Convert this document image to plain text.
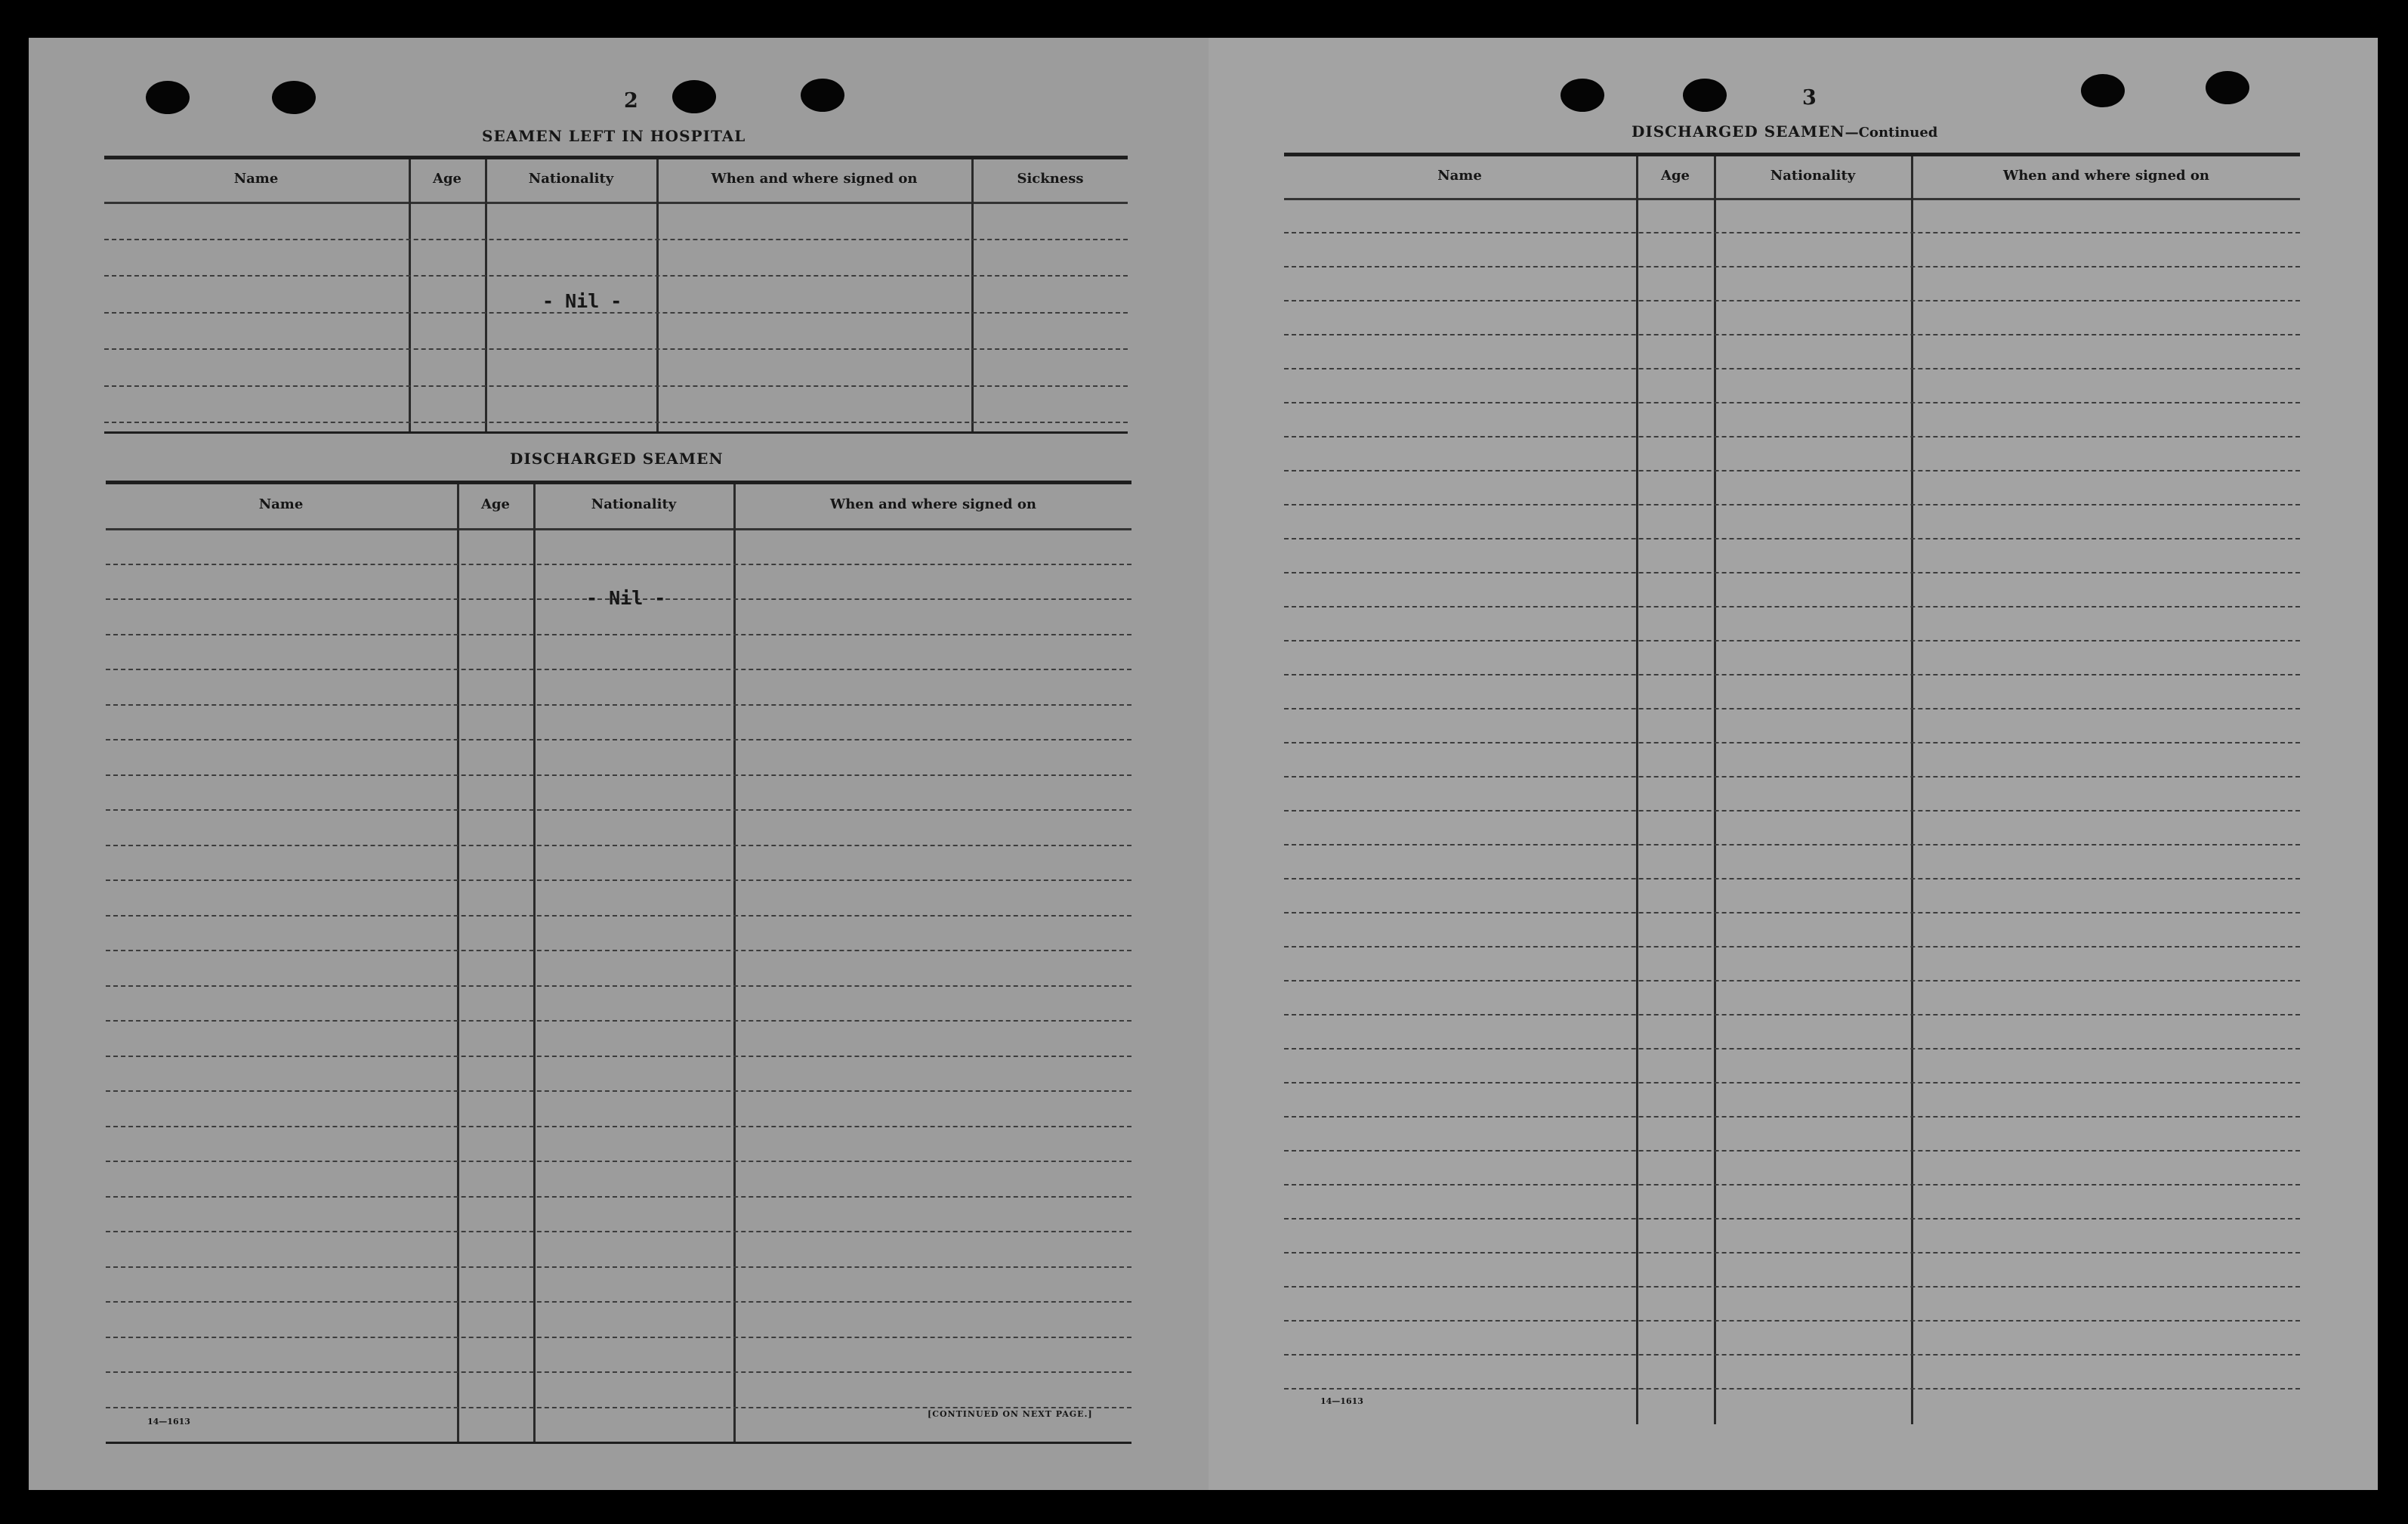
2
SEAMEN LEFT IN HOSPITAL
Name	Age	Nationality	When and where signed on	Sickness
- Nil -
DISCHARGED SEAMEN
Name	Age	Nationality	When and where signed on
- Nil -
14—1613
[CONTINUED ON NEXT PAGE.]
3
DISCHARGED SEAMEN—Continued
Name	Age	Nationality	When and where signed on
14—1613
